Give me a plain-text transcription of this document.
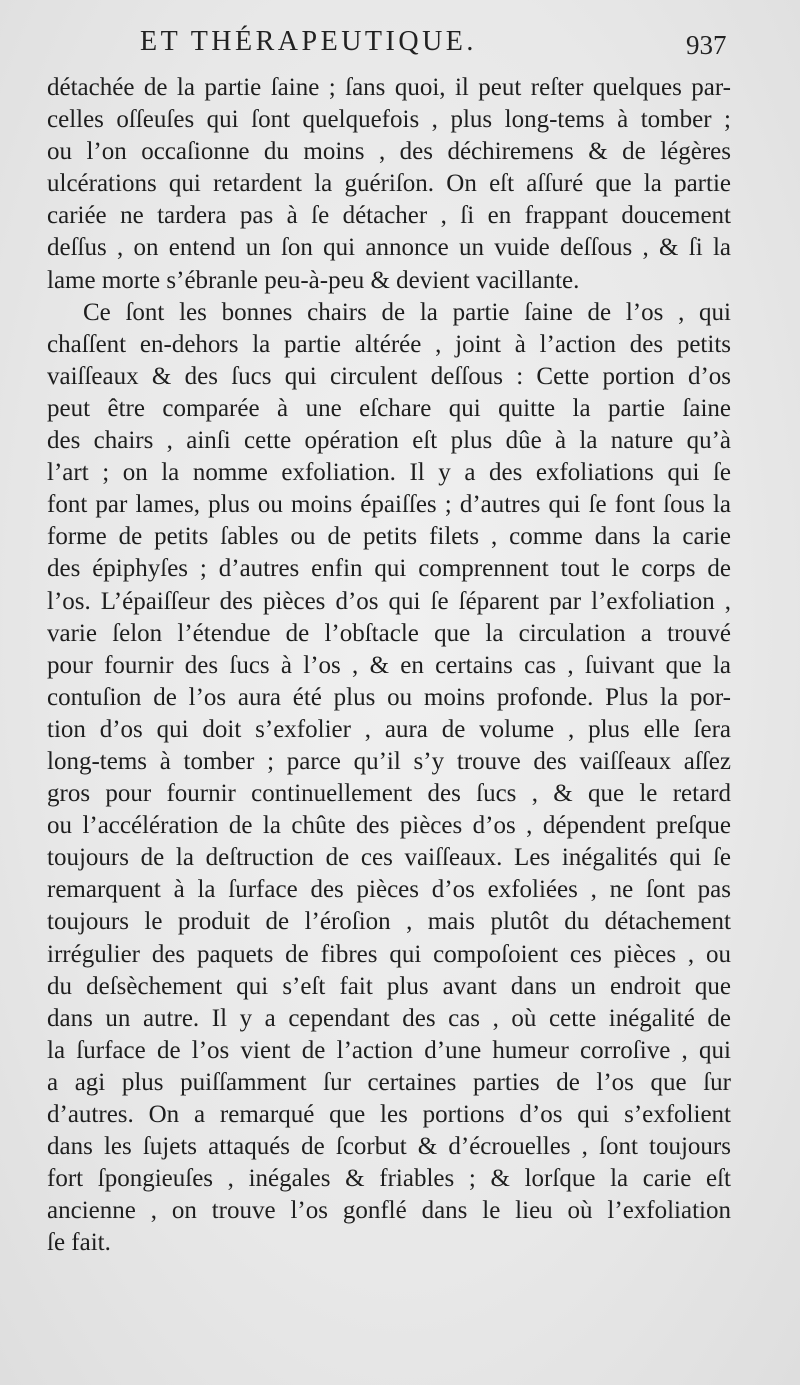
ET THÉRAPEUTIQUE.	937
détachée de la partie ſaine ; ſans quoi, il peut reſter quelques par-
celles oſſeuſes qui ſont quelquefois , plus long-tems à tomber ;
ou l’on occaſionne du moins , des déchiremens & de légères
ulcérations qui retardent la guériſon. On eſt aſſuré que la partie
cariée ne tardera pas à ſe détacher , ſi en frappant doucement
deſſus , on entend un ſon qui annonce un vuide deſſous , & ſi la
lame morte s’ébranle peu-à-peu & devient vacillante.
Ce ſont les bonnes chairs de la partie ſaine de l’os , qui
chaſſent en-dehors la partie altérée , joint à l’action des petits
vaiſſeaux & des ſucs qui circulent deſſous : Cette portion d’os
peut être comparée à une eſchare qui quitte la partie ſaine
des chairs , ainſi cette opération eſt plus dûe à la nature qu’à
l’art ; on la nomme exfoliation. Il y a des exfoliations qui ſe
font par lames, plus ou moins épaiſſes ; d’autres qui ſe font ſous la
forme de petits ſables ou de petits filets , comme dans la carie
des épiphyſes ; d’autres enfin qui comprennent tout le corps de
l’os. L’épaiſſeur des pièces d’os qui ſe ſéparent par l’exfoliation ,
varie ſelon l’étendue de l’obſtacle que la circulation a trouvé
pour fournir des ſucs à l’os , & en certains cas , ſuivant que la
contuſion de l’os aura été plus ou moins profonde. Plus la por-
tion d’os qui doit s’exfolier , aura de volume , plus elle ſera
long-tems à tomber ; parce qu’il s’y trouve des vaiſſeaux aſſez
gros pour fournir continuellement des ſucs , & que le retard
ou l’accélération de la chûte des pièces d’os , dépendent preſque
toujours de la deſtruction de ces vaiſſeaux. Les inégalités qui ſe
remarquent à la ſurface des pièces d’os exfoliées , ne ſont pas
toujours le produit de l’éroſion , mais plutôt du détachement
irrégulier des paquets de fibres qui compoſoient ces pièces , ou
du deſsèchement qui s’eſt fait plus avant dans un endroit que
dans un autre. Il y a cependant des cas , où cette inégalité de
la ſurface de l’os vient de l’action d’une humeur corroſive , qui
a agi plus puiſſamment ſur certaines parties de l’os que ſur
d’autres. On a remarqué que les portions d’os qui s’exfolient
dans les ſujets attaqués de ſcorbut & d’écrouelles , ſont toujours
fort ſpongieuſes , inégales & friables ; & lorſque la carie eſt
ancienne , on trouve l’os gonflé dans le lieu où l’exfoliation
ſe fait.
